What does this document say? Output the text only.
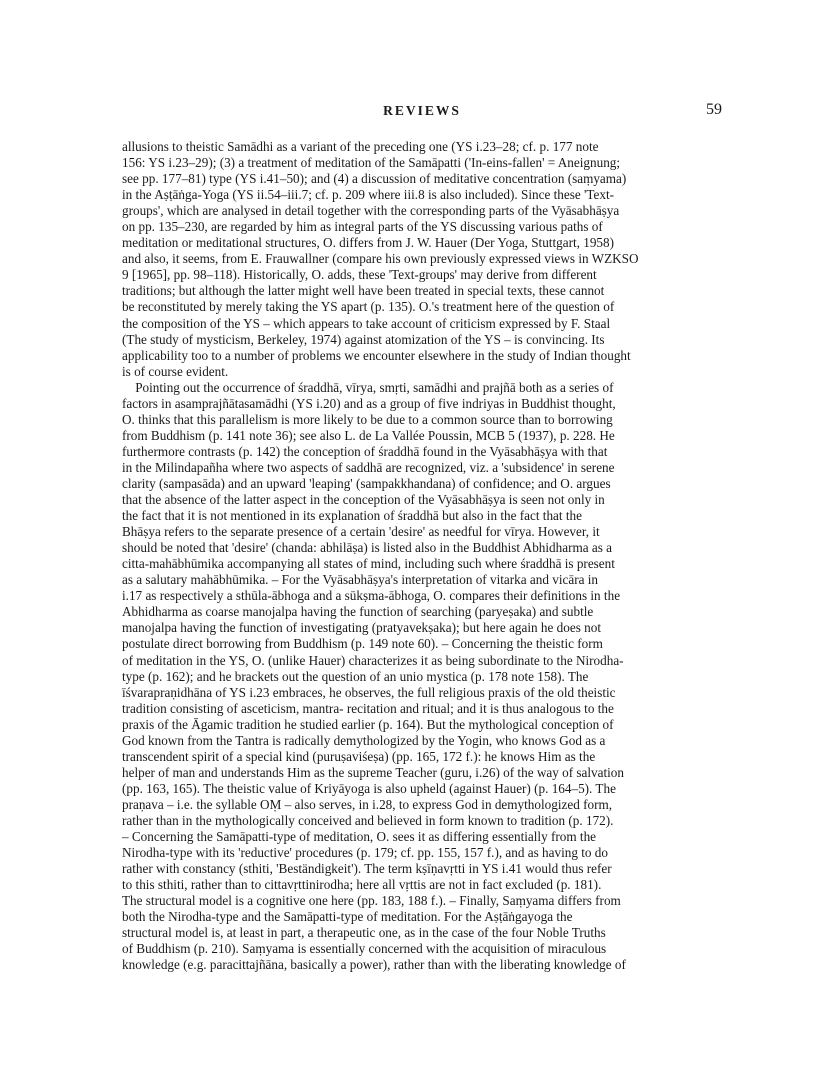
REVIEWS	59

allusions to theistic Samādhi as a variant of the preceding one (YS i.23–28; cf. p. 177 note

156: YS i.23–29); (3) a treatment of meditation of the Samāpatti ('In-eins-fallen' = Aneignung;

see pp. 177–81) type (YS i.41–50); and (4) a discussion of meditative concentration (saṃyama)

in the Aṣṭāṅga-Yoga (YS ii.54–iii.7; cf. p. 209 where iii.8 is also included). Since these 'Text-

groups', which are analysed in detail together with the corresponding parts of the Vyāsabhāṣya

on pp. 135–230, are regarded by him as integral parts of the YS discussing various paths of

meditation or meditational structures, O. differs from J. W. Hauer (Der Yoga, Stuttgart, 1958)

and also, it seems, from E. Frauwallner (compare his own previously expressed views in WZKSO

9 [1965], pp. 98–118). Historically, O. adds, these 'Text-groups' may derive from different

traditions; but although the latter might well have been treated in special texts, these cannot

be reconstituted by merely taking the YS apart (p. 135). O.'s treatment here of the question of

the composition of the YS – which appears to take account of criticism expressed by F. Staal

(The study of mysticism, Berkeley, 1974) against atomization of the YS – is convincing. Its

applicability too to a number of problems we encounter elsewhere in the study of Indian thought

is of course evident.

Pointing out the occurrence of śraddhā, vīrya, smṛti, samādhi and prajñā both as a series of

factors in asamprajñātasamādhi (YS i.20) and as a group of five indriyas in Buddhist thought,

O. thinks that this parallelism is more likely to be due to a common source than to borrowing

from Buddhism (p. 141 note 36); see also L. de La Vallée Poussin, MCB 5 (1937), p. 228. He

furthermore contrasts (p. 142) the conception of śraddhā found in the Vyāsabhāṣya with that

in the Milindapañha where two aspects of saddhā are recognized, viz. a 'subsidence' in serene

clarity (sampasāda) and an upward 'leaping' (sampakkhandana) of confidence; and O. argues

that the absence of the latter aspect in the conception of the Vyāsabhāṣya is seen not only in

the fact that it is not mentioned in its explanation of śraddhā but also in the fact that the

Bhāṣya refers to the separate presence of a certain 'desire' as needful for vīrya. However, it

should be noted that 'desire' (chanda: abhilāṣa) is listed also in the Buddhist Abhidharma as a

citta-mahābhūmika accompanying all states of mind, including such where śraddhā is present

as a salutary mahābhūmika. – For the Vyāsabhāṣya's interpretation of vitarka and vicāra in

i.17 as respectively a sthūla-ābhoga and a sūkṣma-ābhoga, O. compares their definitions in the

Abhidharma as coarse manojalpa having the function of searching (paryeṣaka) and subtle

manojalpa having the function of investigating (pratyavekṣaka); but here again he does not

postulate direct borrowing from Buddhism (p. 149 note 60). – Concerning the theistic form

of meditation in the YS, O. (unlike Hauer) characterizes it as being subordinate to the Nirodha-

type (p. 162); and he brackets out the question of an unio mystica (p. 178 note 158). The

īśvarapraṇidhāna of YS i.23 embraces, he observes, the full religious praxis of the old theistic

tradition consisting of asceticism, mantra- recitation and ritual; and it is thus analogous to the

praxis of the Āgamic tradition he studied earlier (p. 164). But the mythological conception of

God known from the Tantra is radically demythologized by the Yogin, who knows God as a

transcendent spirit of a special kind (puruṣaviśeṣa) (pp. 165, 172 f.): he knows Him as the

helper of man and understands Him as the supreme Teacher (guru, i.26) of the way of salvation

(pp. 163, 165). The theistic value of Kriyāyoga is also upheld (against Hauer) (p. 164–5). The

praṇava – i.e. the syllable OṂ – also serves, in i.28, to express God in demythologized form,

rather than in the mythologically conceived and believed in form known to tradition (p. 172).

– Concerning the Samāpatti-type of meditation, O. sees it as differing essentially from the

Nirodha-type with its 'reductive' procedures (p. 179; cf. pp. 155, 157 f.), and as having to do

rather with constancy (sthiti, 'Beständigkeit'). The term kṣīṇavṛtti in YS i.41 would thus refer

to this sthiti, rather than to cittavṛttinirodha; here all vṛttis are not in fact excluded (p. 181).

The structural model is a cognitive one here (pp. 183, 188 f.). – Finally, Saṃyama differs from

both the Nirodha-type and the Samāpatti-type of meditation. For the Aṣṭāṅgayoga the

structural model is, at least in part, a therapeutic one, as in the case of the four Noble Truths

of Buddhism (p. 210). Saṃyama is essentially concerned with the acquisition of miraculous

knowledge (e.g. paracittajñāna, basically a power), rather than with the liberating knowledge of
